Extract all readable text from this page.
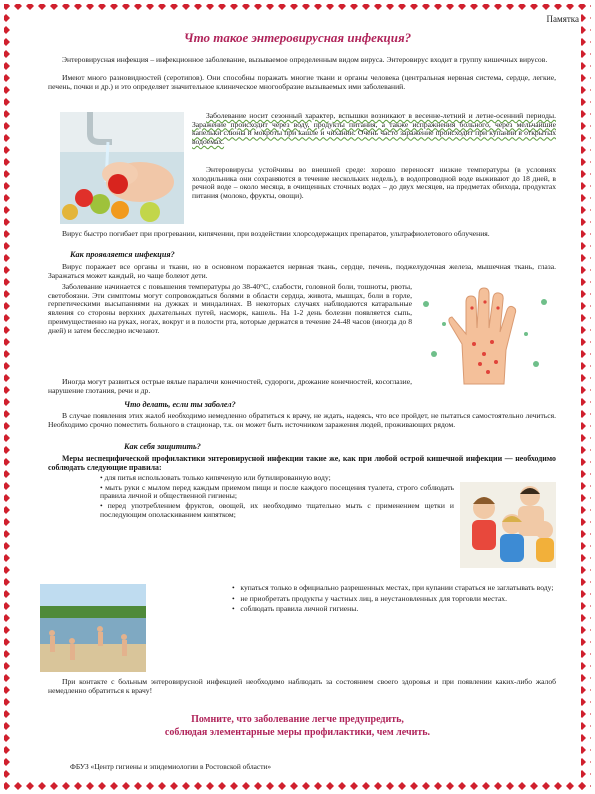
Памятка
Что такое энтеровирусная инфекция?

Энтеровирусная инфекция – инфекционное заболевание, вызываемое определенным видом вируса. Энтеровирус входит в группу кишечных вирусов.

Имеют много разновидностей (серотипов). Они способны поражать многие ткани и органы человека (центральная нервная система, сердце, легкие, печень, почки и др.) и это определяет значительное клиническое многообразие вызываемых ими заболеваний.

Заболевание носит сезонный характер, вспышки возникают в весенне-летний и летне-осенний периоды. Заражение происходит через воду, продукты питания, а также испражнения больного, через мельчайшие капельки слюны и мокроты при кашле и чихании. Очень часто заражение происходит при купании в открытых водоемах.

Энтеровирусы устойчивы во внешней среде: хорошо переносят низкие температуры (в условиях холодильника они сохраняются в течение нескольких недель), в водопроводной воде выживают до 18 дней, в речной воде – около месяца, в очищенных сточных водах – до двух месяцев, на предметах обихода, продуктах питания (молоко, фрукты, овощи).

Вирус быстро погибает при прогревании, кипячении, при воздействии хлорсодержащих препаратов, ультрафиолетового облучения.

Как проявляется инфекция?

Вирус поражает все органы и ткани, но в основном поражается нервная ткань, сердце, печень, поджелудочная железа, мышечная ткань, глаза. Заражаться может каждый, но чаще болеют дети.

Заболевание начинается с повышения температуры до 38-40°С, слабости, головной боли, тошноты, рвоты, светобоязни. Эти симптомы могут сопровождаться болями в области сердца, живота, мышцах, боли в горле, герпетическими высыпаниями на дужках и миндалинах. В некоторых случаях наблюдаются катаральные явления со стороны верхних дыхательных путей, насморк, кашель. На 1-2 день болезни появляется сыпь, преимущественно на руках, ногах, вокруг и в полости рта, которые держатся в течение 24-48 часов (иногда до 8 дней) и затем бесследно исчезают.

Иногда могут развиться острые вялые параличи конечностей, судороги, дрожание конечностей, косоглазие, нарушение глотания, речи и др.

Что делать, если ты заболел?

В случае появления этих жалоб необходимо немедленно обратиться к врачу, не ждать, надеясь, что все пройдет, не пытаться самостоятельно лечиться. Необходимо срочно поместить больного в стационар, т.к. он может быть источником заражения людей, проживающих рядом.

Как себя защитить?

Меры неспецифической профилактики энтеровирусной инфекции такие же, как при любой острой кишечной инфекции — необходимо соблюдать следующие правила:

• для питья использовать только кипяченую или бутилированную воду;
• мыть руки с мылом перед каждым приемом пищи и после каждого посещения туалета, строго соблюдать правила личной и общественной гигиены;
• перед употреблением фруктов, овощей, их необходимо тщательно мыть с применением щетки и последующим ополаскиванием кипятком;
•   купаться только в официально разрешенных местах, при купании стараться не заглатывать воду;
•   не приобретать продукты у частных лиц, в неустановленных для торговли местах.
•   соблюдать правила личной гигиены.

При контакте с больным энтеровирусной инфекцией необходимо наблюдать за состоянием своего здоровья и при появлении каких-либо жалоб немедленно обратиться к врачу!

Помните, что заболевание легче предупредить,
соблюдая элементарные меры профилактики, чем лечить.
ФБУЗ «Центр гигиены и эпидемиологии в Ростовской области»
